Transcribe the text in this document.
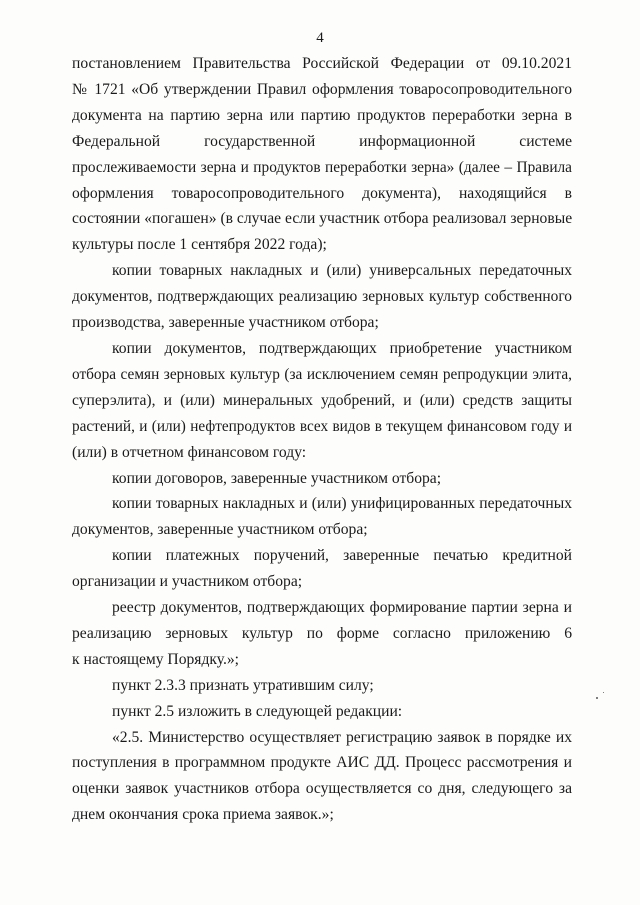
4
постановлением Правительства Российской Федерации от 09.10.2021
№ 1721 «Об утверждении Правил оформления товаросопроводительного
документа на партию зерна или партию продуктов переработки зерна в
Федеральной государственной информационной системе
прослеживаемости зерна и продуктов переработки зерна» (далее – Правила
оформления товаросопроводительного документа), находящийся в
состоянии «погашен» (в случае если участник отбора реализовал зерновые
культуры после 1 сентября 2022 года);
копии товарных накладных и (или) универсальных передаточных
документов, подтверждающих реализацию зерновых культур собственного
производства, заверенные участником отбора;
копии документов, подтверждающих приобретение участником
отбора семян зерновых культур (за исключением семян репродукции элита,
суперэлита), и (или) минеральных удобрений, и (или) средств защиты
растений, и (или) нефтепродуктов всех видов в текущем финансовом году и
(или) в отчетном финансовом году:
копии договоров, заверенные участником отбора;
копии товарных накладных и (или) унифицированных передаточных
документов, заверенные участником отбора;
копии платежных поручений, заверенные печатью кредитной
организации и участником отбора;
реестр документов, подтверждающих формирование партии зерна и
реализацию зерновых культур по форме согласно приложению 6
к настоящему Порядку.»;
пункт 2.3.3 признать утратившим силу;
пункт 2.5 изложить в следующей редакции:
«2.5. Министерство осуществляет регистрацию заявок в порядке их
поступления в программном продукте АИС ДД. Процесс рассмотрения и
оценки заявок участников отбора осуществляется со дня, следующего за
днем окончания срока приема заявок.»;
